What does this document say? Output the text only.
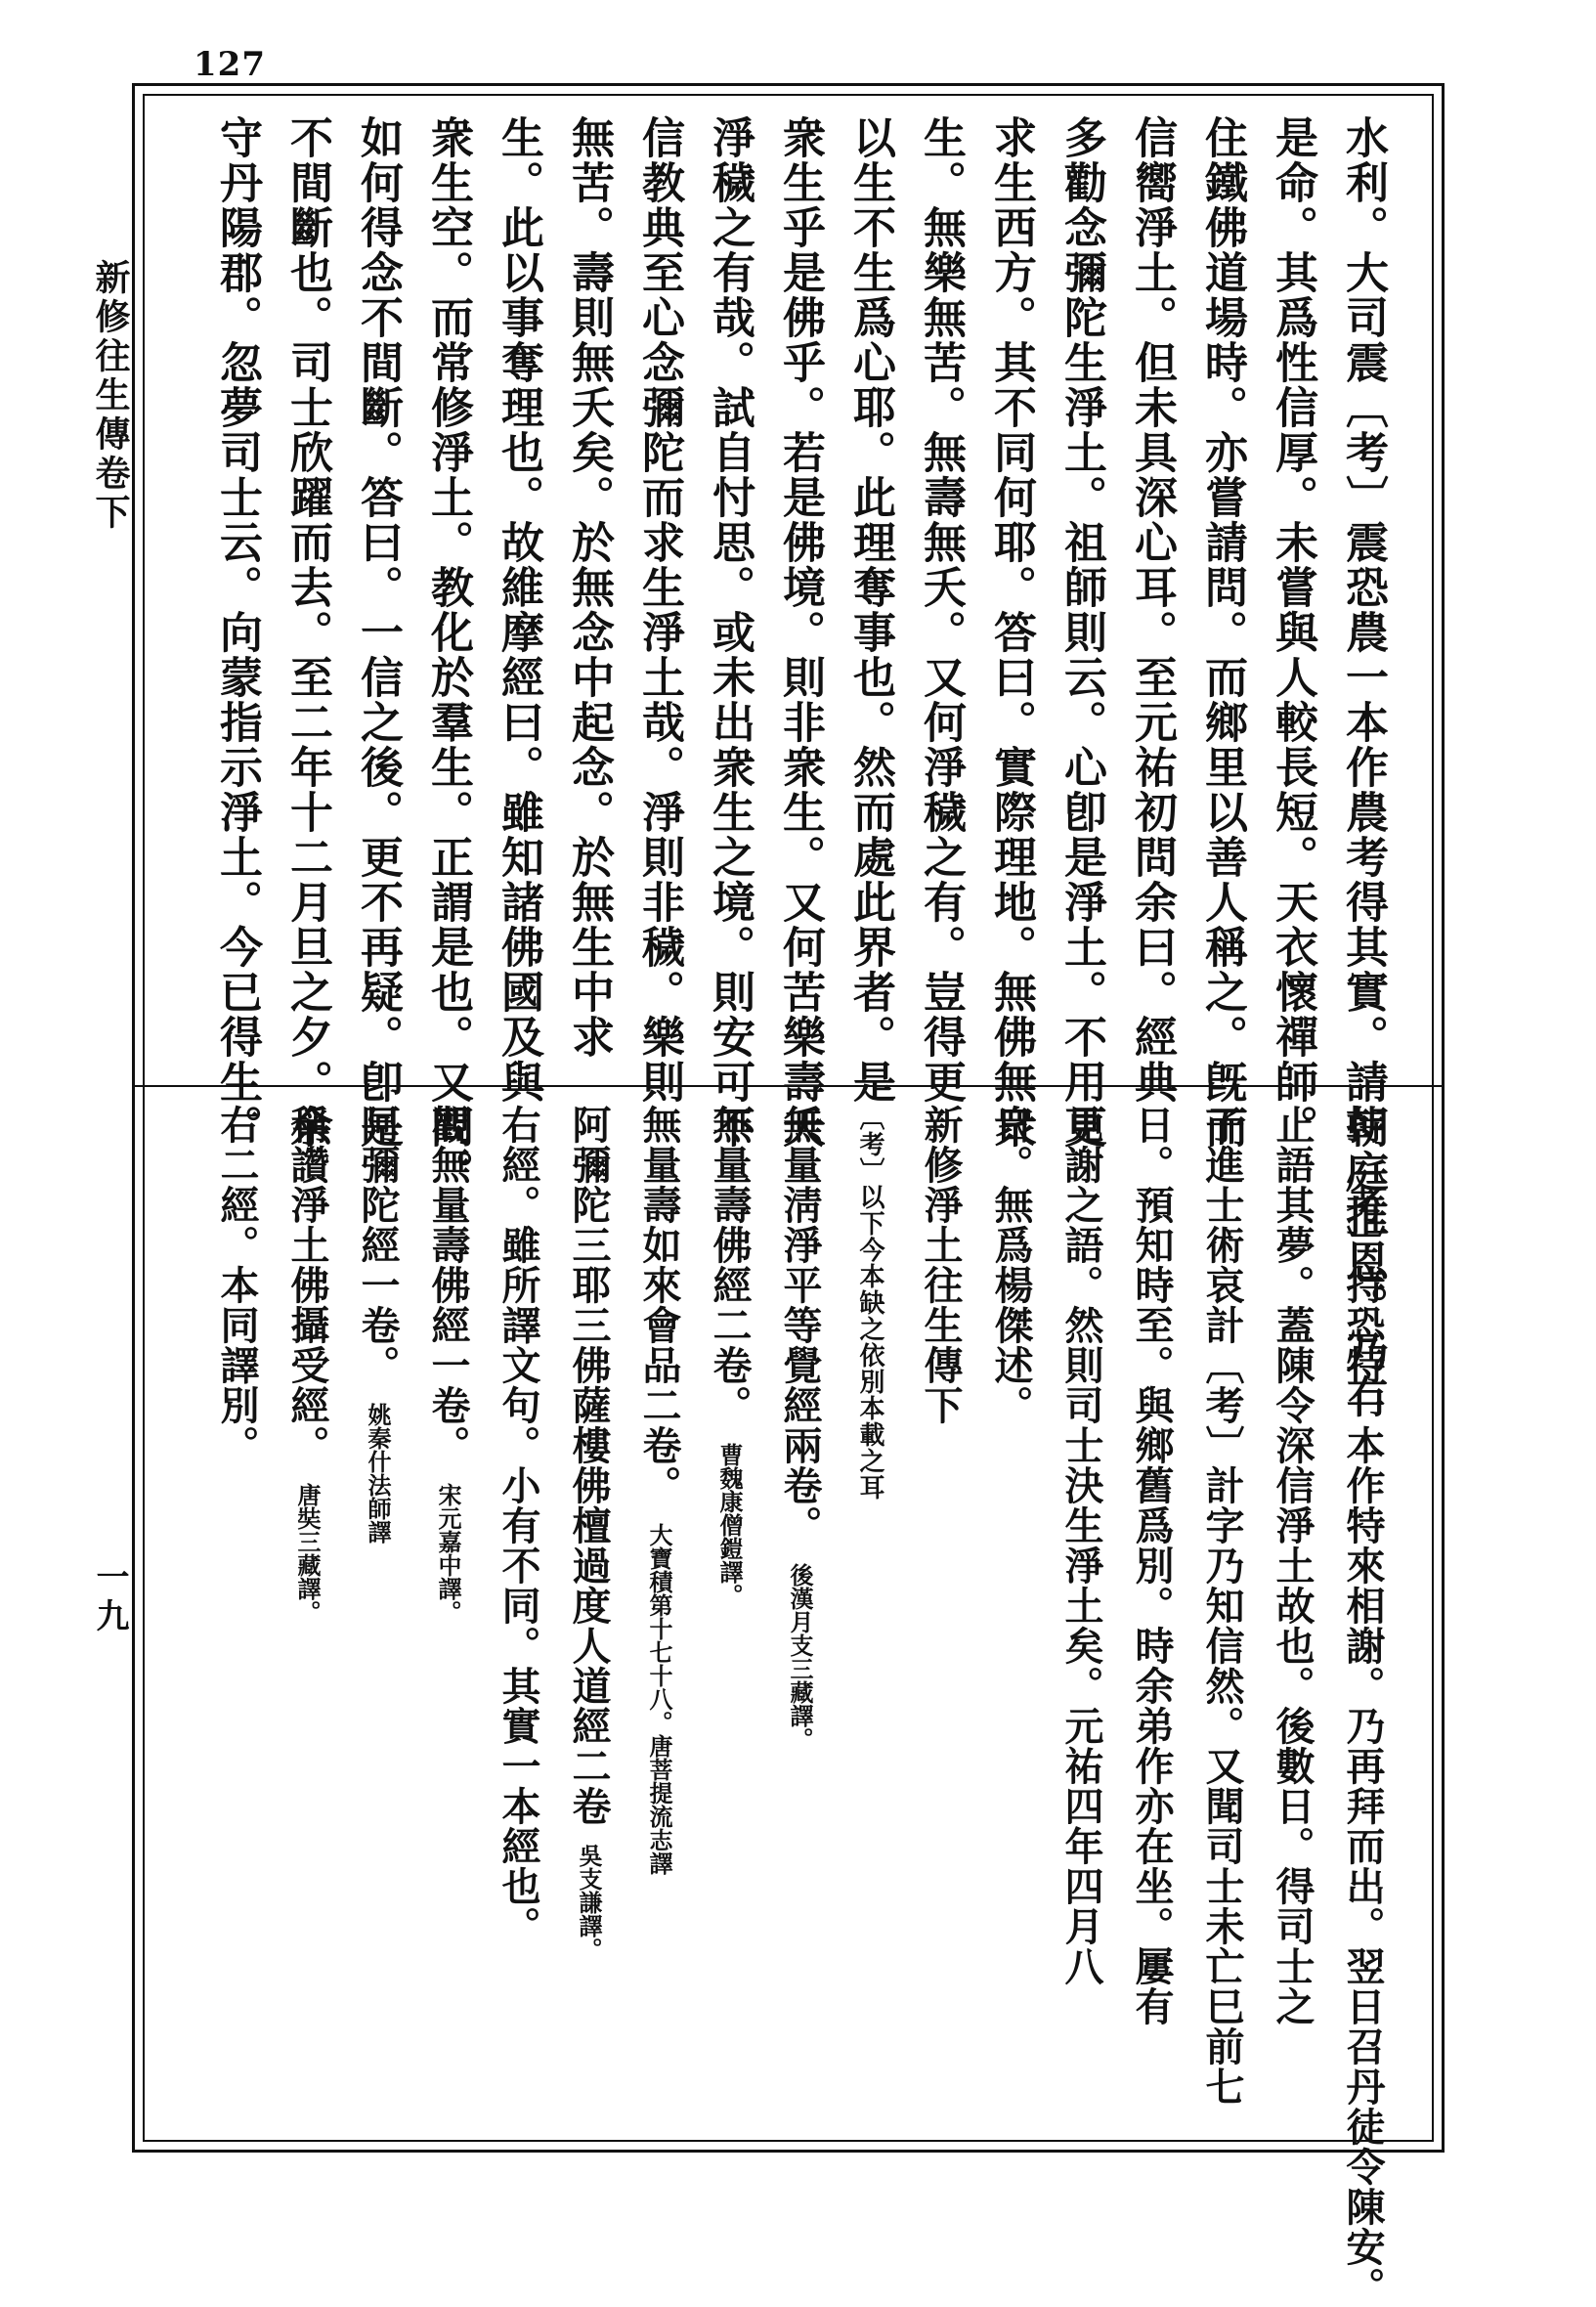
127
新修往生傳卷下
一九
水利。大司震〔考〕震恐農一本作農考得其實。請朝庭推恩。乃冇
是命。其爲性信厚。未嘗與人較長短。天衣懷禪師。
住鐵佛道場時。亦嘗請問。而鄉里以善人稱之。旣而
信嚮淨土。但未具深心耳。至元祐初問余曰。經典
多勸念彌陀生淨土。祖師則云。心卽是淨土。不用更
求生西方。其不同何耶。答曰。實際理地。無佛無衆
生。無樂無苦。無壽無夭。又何淨穢之有。豈得更
以生不生爲心耶。此理奪事也。然而處此界者。是
衆生乎是佛乎。若是佛境。則非衆生。又何苦樂壽夭
淨穢之有哉。試自忖思。或未出衆生之境。則安可不
信教典至心念彌陀而求生淨土哉。淨則非穢。樂則
無苦。壽則無夭矣。於無念中起念。於無生中求
生。此以事奪理也。故維摩經曰。雖知諸佛國及與
衆生空。而常修淨土。教化於羣生。正謂是也。又問。
如何得念不間斷。答曰。一信之後。更不再疑。卽是
不間斷也。司士欣躍而去。至二年十二月旦之夕。余
守丹陽郡。忽夢司士云。向蒙指示淨土。今已得生。
持〔考〕持恐特一本作特來相謝。乃再拜而出。翌日召丹徒令陳安。
止語其夢。蓋陳令深信淨土故也。後數日。得司士之
子進士術哀計〔考〕計字乃知信然。又聞司士未亡巳前七
日。預知時至。與鄉舊爲別。時余弟作亦在坐。屢有
見謝之語。然則司士決生淨土矣。元祐四年四月八
日。無爲楊傑述。
新修淨土往生傳下
〔考〕以下今本缺之依別本載之耳
無量淸淨平等覺經兩卷。後漢月支三藏譯。
無量壽佛經二卷。曹魏康僧鎧譯。
無量壽如來會品二卷。大寶積第十七十八。唐菩提流志譯
阿彌陀三耶三佛薩樓佛檀過度人道經二卷吳支謙譯。
右經。雖所譯文句。小有不同。其實一本經也。
觀無量壽佛經一卷。宋元嘉中譯。
阿彌陀經一卷。姚秦什法師譯
稱讚淨土佛攝受經。唐奘三藏譯。
右二經。本同譯別。
